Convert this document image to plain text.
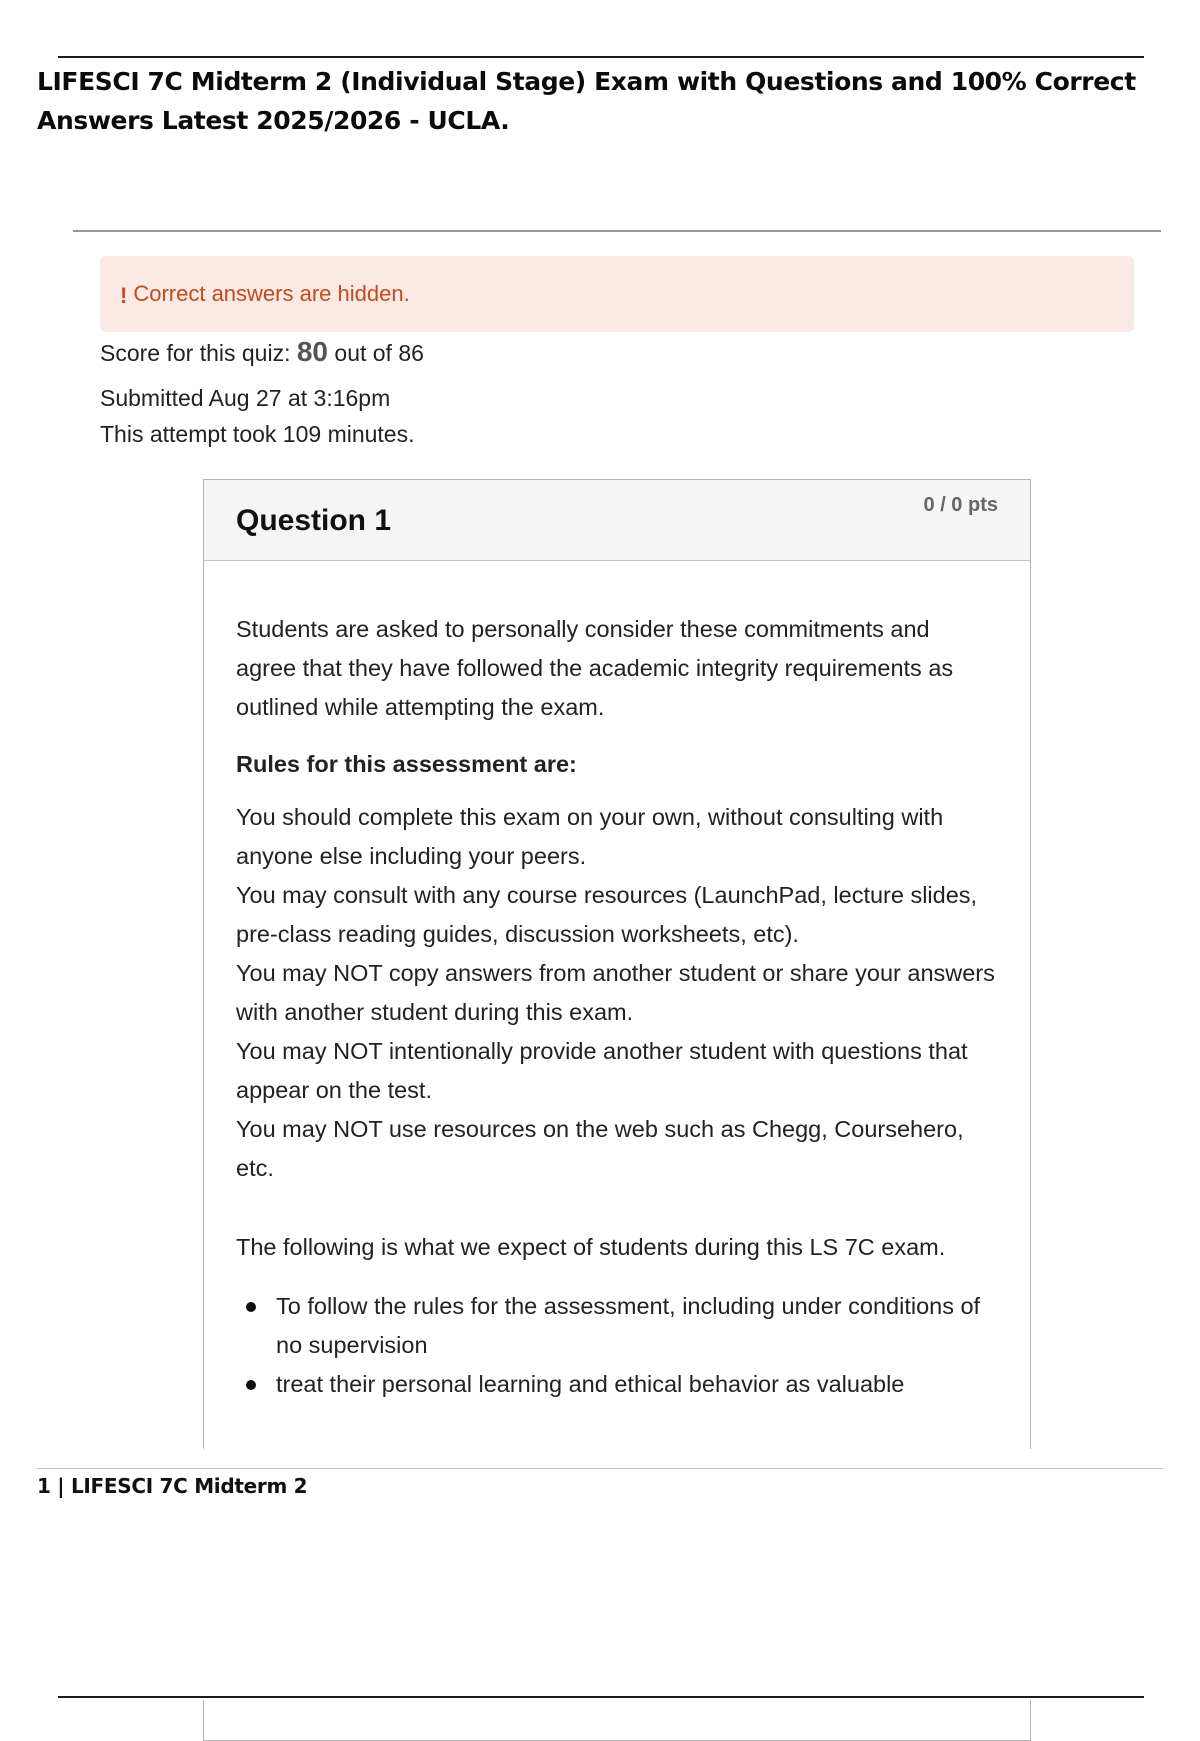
LIFESCI 7C Midterm 2 (Individual Stage) Exam with Questions and 100% Correct Answers Latest 2025/2026 - UCLA.
! Correct answers are hidden.
Score for this quiz: 80 out of 86
Submitted Aug 27 at 3:16pm
This attempt took 109 minutes.
Question 1	0 / 0 pts

Students are asked to personally consider these commitments and agree that they have followed the academic integrity requirements as outlined while attempting the exam.

Rules for this assessment are:

You should complete this exam on your own, without consulting with anyone else including your peers.

You may consult with any course resources (LaunchPad, lecture slides, pre-class reading guides, discussion worksheets, etc).

You may NOT copy answers from another student or share your answers with another student during this exam.

You may NOT intentionally provide another student with questions that appear on the test.

You may NOT use resources on the web such as Chegg, Coursehero, etc.

The following is what we expect of students during this LS 7C exam.

To follow the rules for the assessment, including under conditions of no supervision
treat their personal learning and ethical behavior as valuable
1 | LIFESCI 7C Midterm 2
